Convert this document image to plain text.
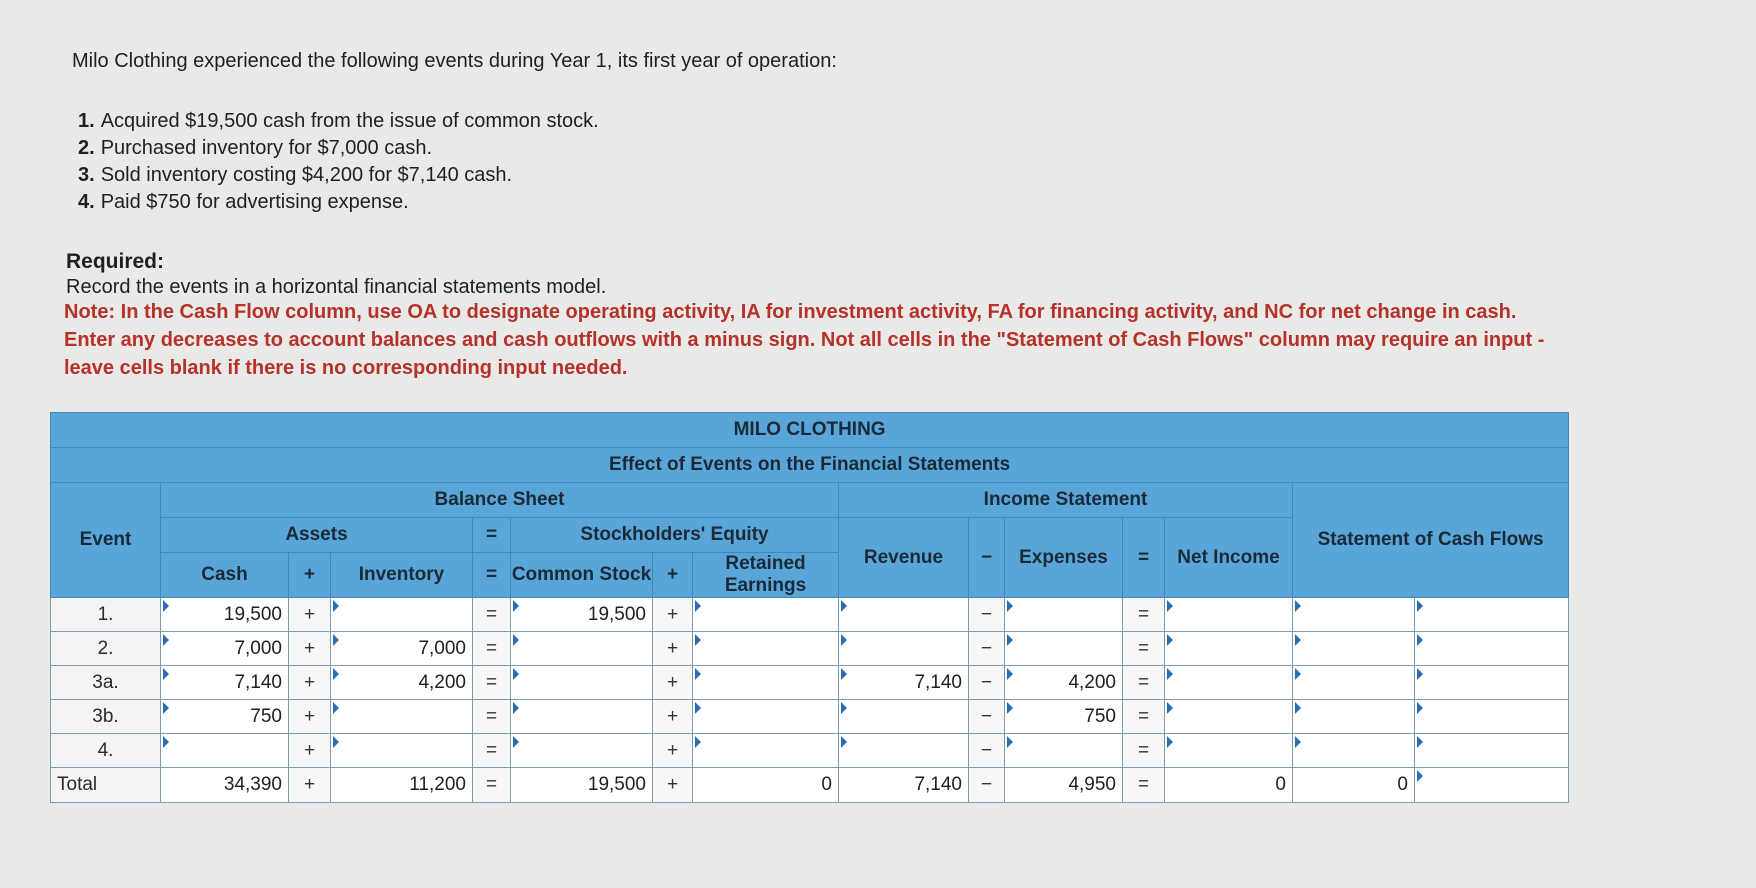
Milo Clothing experienced the following events during Year 1, its first year of operation:
1. Acquired $19,500 cash from the issue of common stock.
2. Purchased inventory for $7,000 cash.
3. Sold inventory costing $4,200 for $7,140 cash.
4. Paid $750 for advertising expense.
Required:
Record the events in a horizontal financial statements model.
Note: In the Cash Flow column, use OA to designate operating activity, IA for investment activity, FA for financing activity, and NC for net change in cash. Enter any decreases to account balances and cash outflows with a minus sign. Not all cells in the "Statement of Cash Flows" column may require an input - leave cells blank if there is no corresponding input needed.
MILO CLOTHING														
Effect of Events on the Financial Statements														
Event	Balance Sheet							Income Statement					Statement of Cash Flows	
	Assets			=	Stockholders' Equity			Revenue	−	Expenses	=	Net Income		
	Cash	+	Inventory	=	Common Stock	+	Retained Earnings							
1.	19,500	+		=	19,500	+			−		=			
2.	7,000	+	7,000	=		+			−		=			
3a.	7,140	+	4,200	=		+		7,140	−	4,200	=			
3b.	750	+		=		+			−	750	=			
4.		+		=		+			−		=			
Total	34,390	+	11,200	=	19,500	+	0	7,140	−	4,950	=	0	0	
